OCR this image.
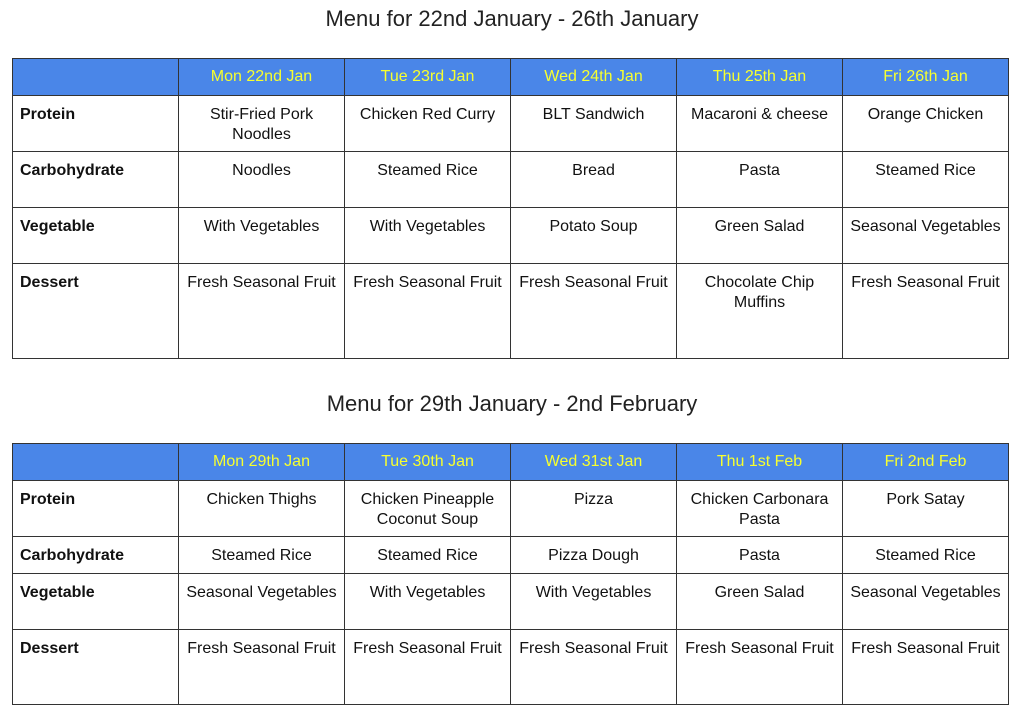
Menu for 22nd January - 26th January
	Mon 22nd Jan	Tue 23rd Jan	Wed 24th Jan	Thu 25th Jan	Fri 26th Jan
Protein	Stir-Fried Pork Noodles	Chicken Red Curry	BLT Sandwich	Macaroni & cheese	Orange Chicken
Carbohydrate	Noodles	Steamed Rice	Bread	Pasta	Steamed Rice
Vegetable	With Vegetables	With Vegetables	Potato Soup	Green Salad	Seasonal Vegetables
Dessert	Fresh Seasonal Fruit	Fresh Seasonal Fruit	Fresh Seasonal Fruit	Chocolate Chip Muffins	Fresh Seasonal Fruit
Menu for 29th January - 2nd February
	Mon 29th Jan	Tue 30th Jan	Wed 31st Jan	Thu 1st Feb	Fri 2nd Feb
Protein	Chicken Thighs	Chicken Pineapple Coconut Soup	Pizza	Chicken Carbonara Pasta	Pork Satay
Carbohydrate	Steamed Rice	Steamed Rice	Pizza Dough	Pasta	Steamed Rice
Vegetable	Seasonal Vegetables	With Vegetables	With Vegetables	Green Salad	Seasonal Vegetables
Dessert	Fresh Seasonal Fruit	Fresh Seasonal Fruit	Fresh Seasonal Fruit	Fresh Seasonal Fruit	Fresh Seasonal Fruit
